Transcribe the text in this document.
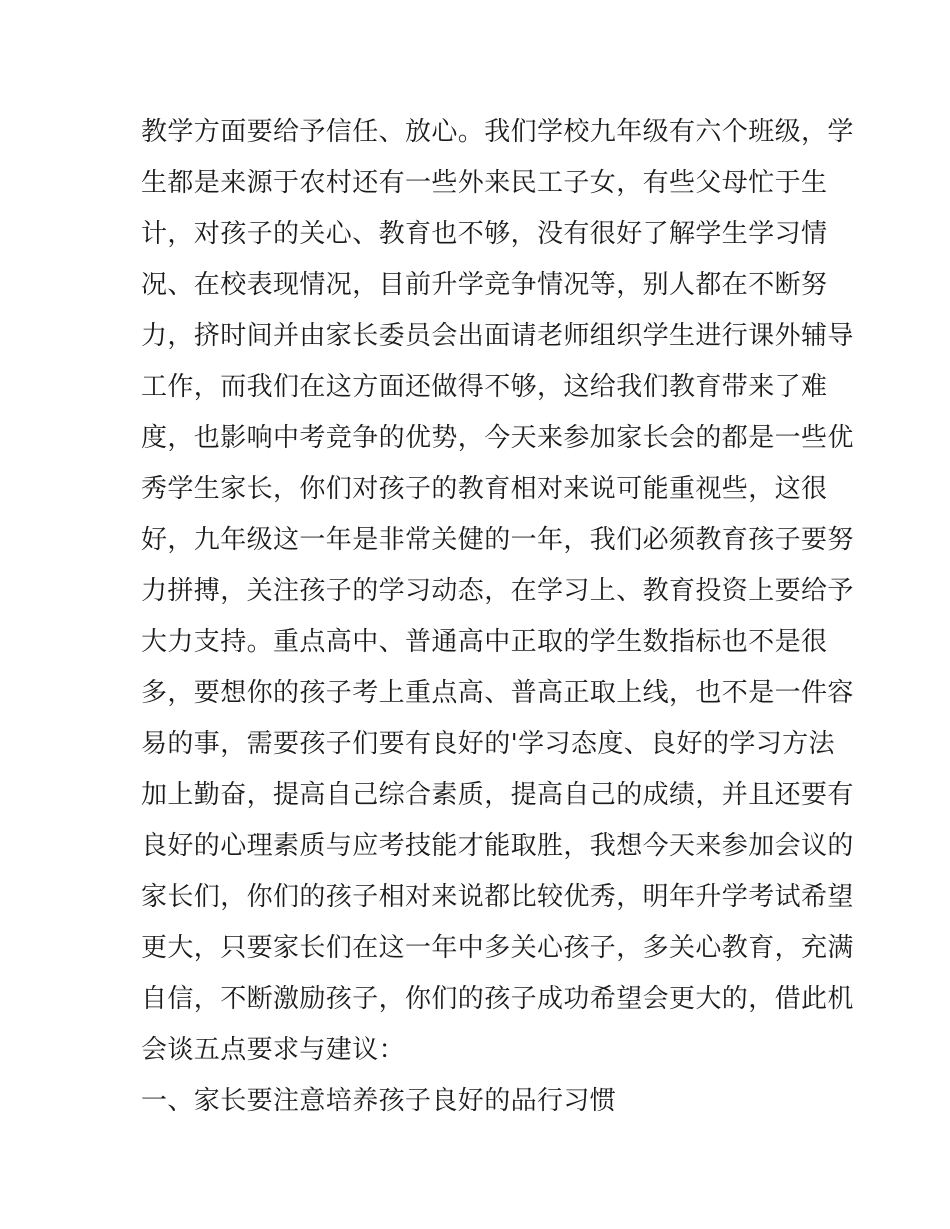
教学方面要给予信任、放心。我们学校九年级有六个班级，学
生都是来源于农村还有一些外来民工子女，有些父母忙于生
计，对孩子的关心、教育也不够，没有很好了解学生学习情
况、在校表现情况，目前升学竞争情况等，别人都在不断努
力，挤时间并由家长委员会出面请老师组织学生进行课外辅导
工作，而我们在这方面还做得不够，这给我们教育带来了难
度，也影响中考竞争的优势，今天来参加家长会的都是一些优
秀学生家长，你们对孩子的教育相对来说可能重视些，这很
好，九年级这一年是非常关健的一年，我们必须教育孩子要努
力拼搏，关注孩子的学习动态，在学习上、教育投资上要给予
大力支持。重点高中、普通高中正取的学生数指标也不是很
多，要想你的孩子考上重点高、普高正取上线，也不是一件容
易的事，需要孩子们要有良好的'学习态度、良好的学习方法
加上勤奋，提高自己综合素质，提高自己的成绩，并且还要有
良好的心理素质与应考技能才能取胜，我想今天来参加会议的
家长们，你们的孩子相对来说都比较优秀，明年升学考试希望
更大，只要家长们在这一年中多关心孩子，多关心教育，充满
自信，不断激励孩子，你们的孩子成功希望会更大的，借此机
会谈五点要求与建议：
一、家长要注意培养孩子良好的品行习惯
